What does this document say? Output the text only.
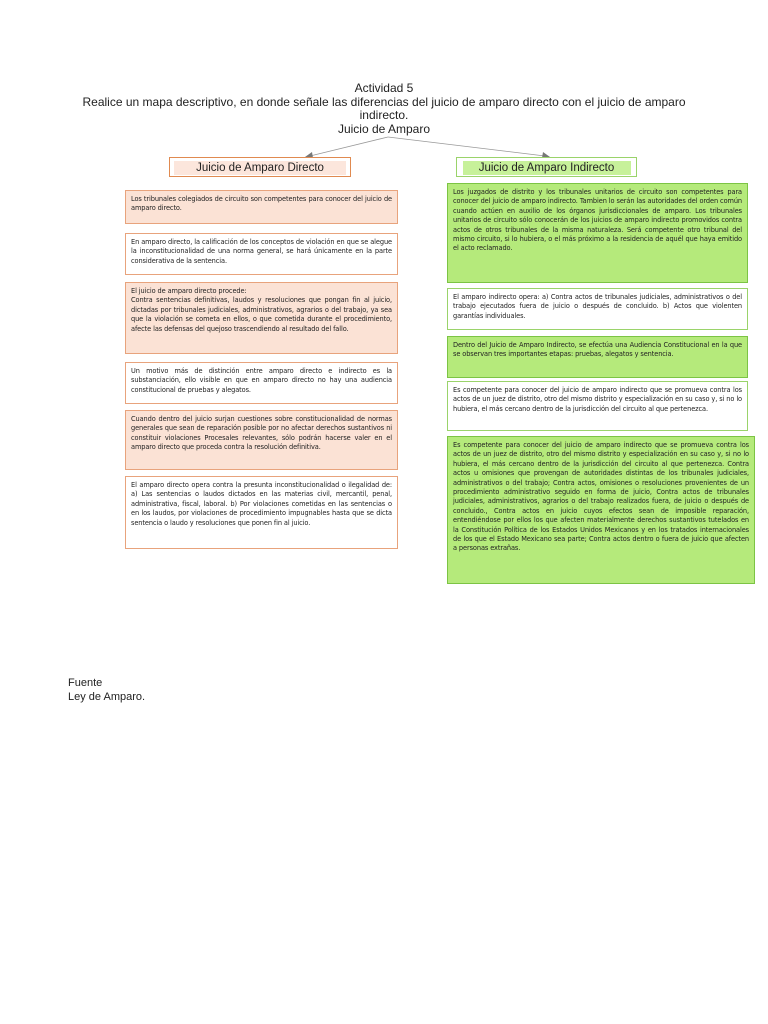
Actividad 5
Realice un mapa descriptivo, en donde señale las diferencias del juicio de amparo directo con el juicio de amparo
indirecto.
Juicio de Amparo
Juicio de Amparo Directo	Juicio de Amparo Indirecto
Los tribunales colegiados de circuito son competentes para conocer del juicio de amparo directo.
En amparo directo, la calificación de los conceptos de violación en que se alegue la inconstitucionalidad de una norma general, se hará únicamente en la parte considerativa de la sentencia.
El juicio de amparo directo procede:
Contra sentencias definitivas, laudos y resoluciones que pongan fin al juicio, dictadas por tribunales judiciales, administrativos, agrarios o del trabajo, ya sea que la violación se cometa en ellos, o que cometida durante el procedimiento, afecte las defensas del quejoso trascendiendo al resultado del fallo.
Un motivo más de distinción entre amparo directo e indirecto es la substanciación, ello visible en que en amparo directo no hay una audiencia constitucional de pruebas y alegatos.
Cuando dentro del juicio surjan cuestiones sobre constitucionalidad de normas generales que sean de reparación posible por no afectar derechos sustantivos ni constituir violaciones Procesales relevantes, sólo podrán hacerse valer en el amparo directo que proceda contra la resolución definitiva.
El amparo directo opera contra la presunta inconstitucionalidad o ilegalidad de: a) Las sentencias o laudos dictados en las materias civil, mercantil, penal, administrativa, fiscal, laboral. b) Por violaciones cometidas en las sentencias o en los laudos, por violaciones de procedimiento impugnables hasta que se dicta sentencia o laudo y resoluciones que ponen fin al juicio.
Los juzgados de distrito y los tribunales unitarios de circuito son competentes para conocer del juicio de amparo indirecto. Tambien lo serán las autoridades del orden común cuando actúen en auxilio de los órganos jurisdiccionales de amparo. Los tribunales unitarios de circuito sólo conocerán de los juicios de amparo indirecto promovidos contra actos de otros tribunales de la misma naturaleza. Será competente otro tribunal del mismo circuito, si lo hubiera, o el más próximo a la residencia de aquél que haya emitido el acto reclamado.
El amparo indirecto opera: a) Contra actos de tribunales judiciales, administrativos o del trabajo ejecutados fuera de juicio o después de concluido. b) Actos que violenten garantías individuales.
Dentro del Juicio de Amparo Indirecto, se efectúa una Audiencia Constitucional en la que se observan tres importantes etapas: pruebas, alegatos y sentencia.
Es competente para conocer del juicio de amparo indirecto que se promueva contra los actos de un juez de distrito, otro del mismo distrito y especialización en su caso y, si no lo hubiera, el más cercano dentro de la jurisdicción del circuito al que pertenezca.
Es competente para conocer del juicio de amparo indirecto que se promueva contra los actos de un juez de distrito, otro del mismo distrito y especialización en su caso y, si no lo hubiera, el más cercano dentro de la jurisdicción del circuito al que pertenezca. Contra actos u omisiones que provengan de autoridades distintas de los tribunales judiciales, administrativos o del trabajo; Contra actos, omisiones o resoluciones provenientes de un procedimiento administrativo seguido en forma de juicio, Contra actos de tribunales judiciales, administrativos, agrarios o del trabajo realizados fuera, de juicio o después de concluido., Contra actos en juicio cuyos efectos sean de imposible reparación, entendiéndose por ellos los que afecten materialmente derechos sustantivos tutelados en la Constitución Política de los Estados Unidos Mexicanos y en los tratados internacionales de los que el Estado Mexicano sea parte; Contra actos dentro o fuera de juicio que afecten a personas extrañas.
Fuente
Ley de Amparo.
